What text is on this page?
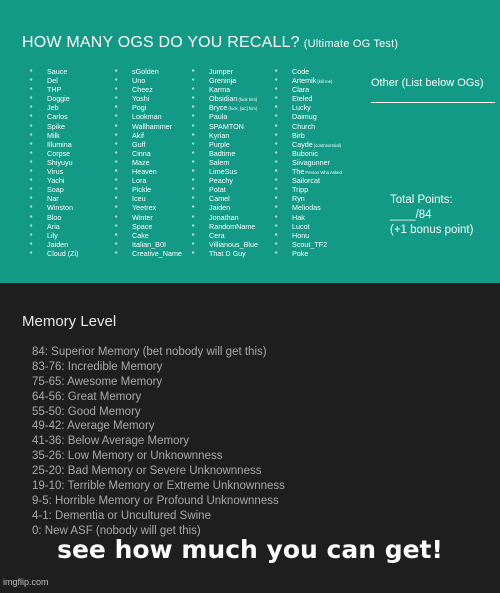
HOW MANY OGS DO YOU RECALL? (Ultimate OG Test)
• Sauce
• Del
• THP
• Doggie
• Jeb
• Carlos
• Spike
• Milk
• Illumina
• Corpse
• Shiyuyu
• Virus
• Yachi
• Soap
• Nar
• Winston
• Bloo
• Aria
• Lily
• Jaiden
• Cloud (Zi)
• sGolden
• Uno
• Cheez
• Yoshi
• Pogi
• Lookman
• Wallhammer
• Akif
• Guff
• Cinna
• Maze
• Heaven
• Lora
• Pickle
• Iceu
• Yeetrex
• Winter
• Space
• Cake
• Italian_B0I
• Creative_Name
• Jumper
• Greninja
• Karma
• Obsidian(fuck him)
• Bryce(fuck, [sic] him)
• Paula
• SPAMTON
• Kyrian
• Purple
• Badtime
• Salem
• LimeSus
• Peachy
• Potat
• Camel
• Jaiden
• Jonathan
• RandomName
• Cera
• Villianous_Blue
• That D Guy
• Code
• Artemik(kill me)
• Clara
• Eteled
• Lucky
• Daimug
• Church
• Birb
• Cayde(controversial)
• Bubonic
• Siivagunner
• ThePerson Who Asked
• Sailorcat
• Tripp
• Ryn
• Meliodas
• Hak
• Lucot
• Honu
• Scout_TF2
• Poke
Other (List below OGs)
Total Points:
____/84
(+1 bonus point)
Memory Level
84: Superior Memory (bet nobody will get this)
83-76: Incredible Memory
75-65: Awesome Memory
64-56: Great Memory
55-50: Good Memory
49-42: Average Memory
41-36: Below Average Memory
35-26: Low Memory or Unknownness
25-20: Bad Memory or Severe Unknownness
19-10: Terrible Memory or Extreme Unknownness
9-5: Horrible Memory or Profound Unknownness
4-1: Dementia or Uncultured Swine
0: New ASF (nobody will get this)
see how much you can get!
imgflip.com
